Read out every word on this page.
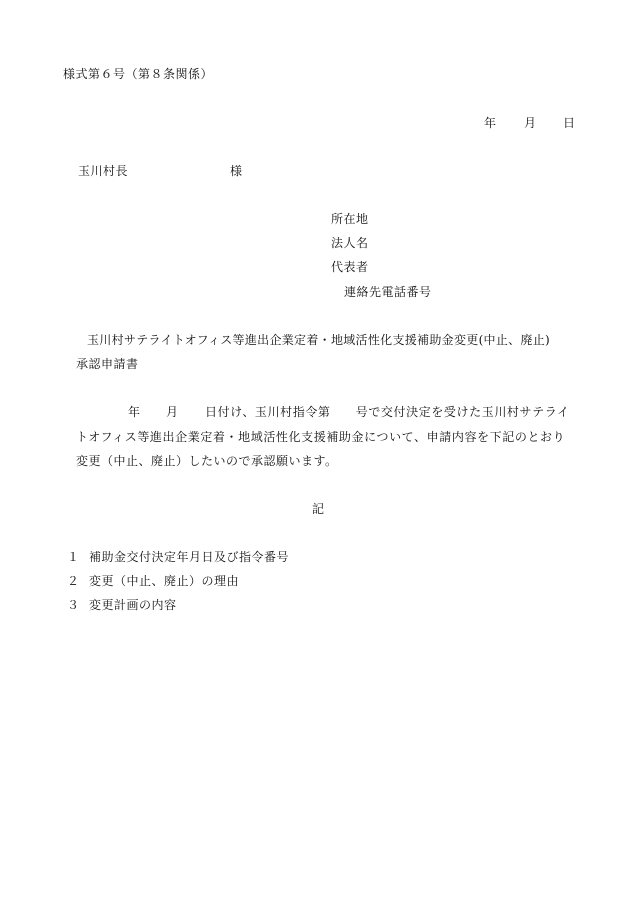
様式第６号（第８条関係）
年 月 日
玉川村長	様
所在地
法人名
代表者
連絡先電話番号
玉川村サテライトオフィス等進出企業定着・地域活性化支援補助金変更(中止、廃止)
承認申請書
年 月 日付け、玉川村指令第　　号で交付決定を受けた玉川村サテライ
トオフィス等進出企業定着・地域活性化支援補助金について、申請内容を下記のとおり
変更（中止、廃止）したいので承認願います。
記
１ 補助金交付決定年月日及び指令番号
２ 変更（中止、廃止）の理由
３ 変更計画の内容
